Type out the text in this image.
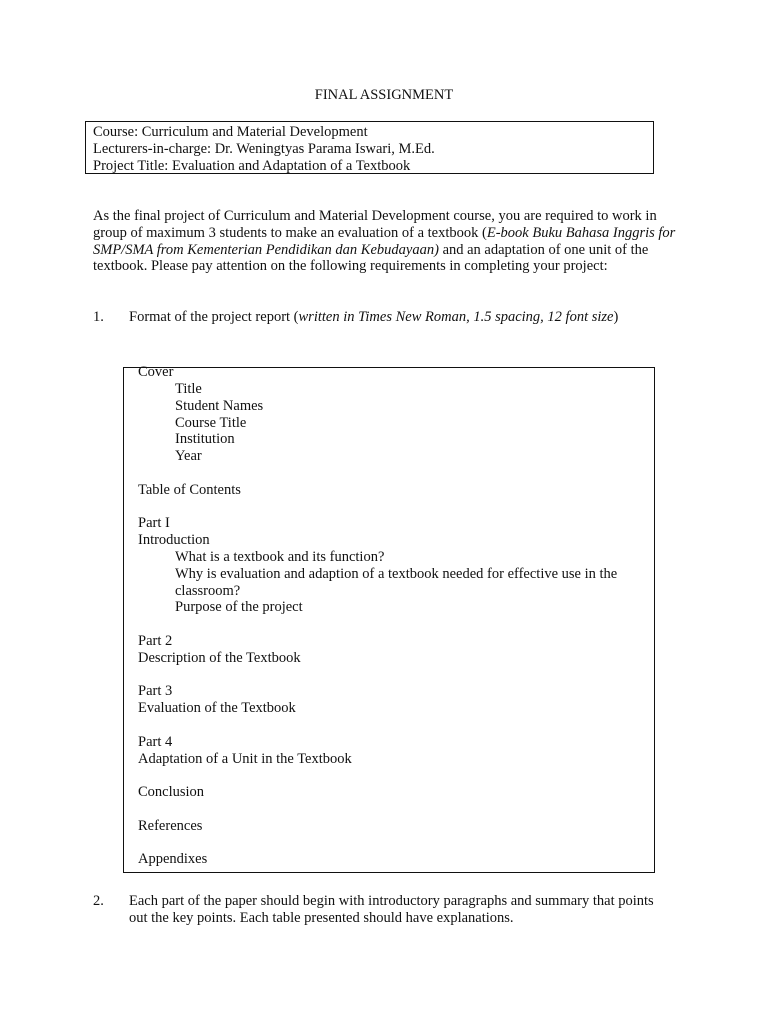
FINAL ASSIGNMENT
Course: Curriculum and Material Development
Lecturers-in-charge: Dr. Weningtyas Parama Iswari, M.Ed.
Project Title: Evaluation and Adaptation of a Textbook
As the final project of Curriculum and Material Development course, you are required to work in group of maximum 3 students to make an evaluation of a textbook (E-book Buku Bahasa Inggris for SMP/SMA from Kementerian Pendidikan dan Kebudayaan) and an adaptation of one unit of the textbook. Please pay attention on the following requirements in completing your project:
1. Format of the project report (written in Times New Roman, 1.5 spacing, 12 font size)
Cover
Title
Student Names
Course Title
Institution
Year
Table of Contents
Part I
Introduction
What is a textbook and its function?
Why is evaluation and adaption of a textbook needed for effective use in the
classroom?
Purpose of the project
Part 2
Description of the Textbook
Part 3
Evaluation of the Textbook
Part 4
Adaptation of a Unit in the Textbook
Conclusion
References
Appendixes
2. Each part of the paper should begin with introductory paragraphs and summary that points out the key points. Each table presented should have explanations.
